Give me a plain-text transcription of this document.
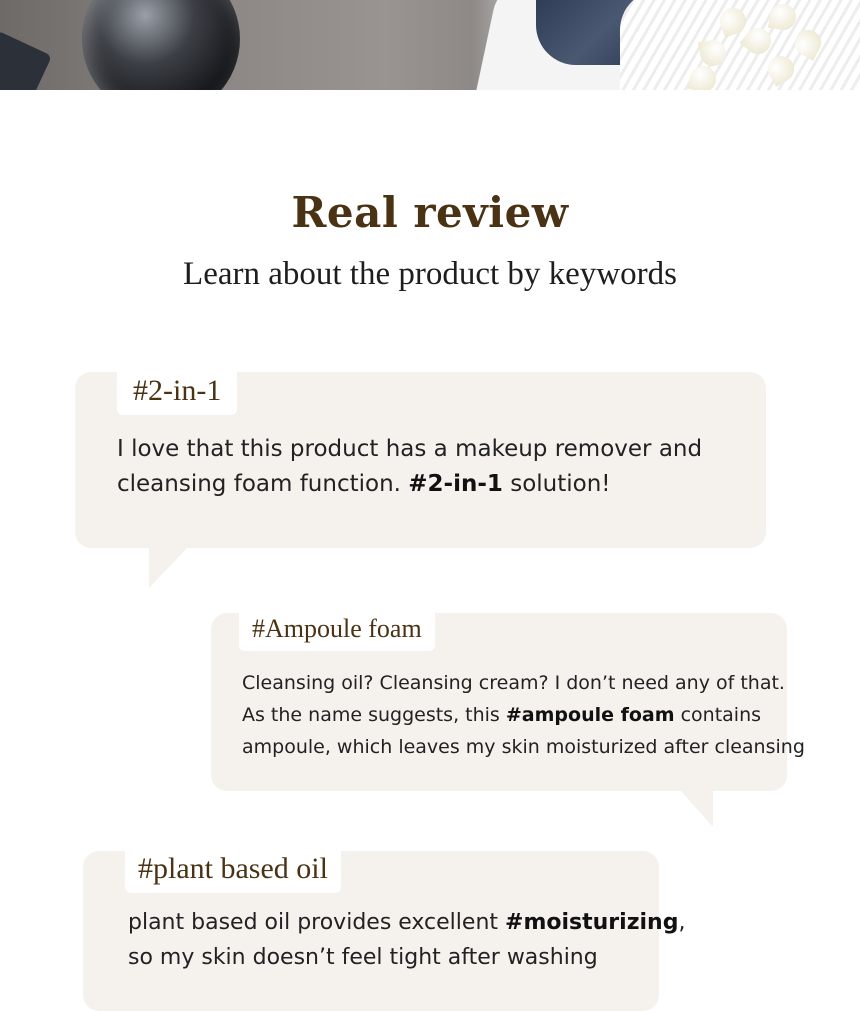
Real review
Learn about the product by keywords
#2-in-1
I love that this product has a makeup remover and
cleansing foam function. #2-in-1 solution!
#Ampoule foam
Cleansing oil? Cleansing cream? I don’t need any of that.
As the name suggests, this #ampoule foam contains
ampoule, which leaves my skin moisturized after cleansing
#plant based oil
plant based oil provides excellent #moisturizing,
so my skin doesn’t feel tight after washing
